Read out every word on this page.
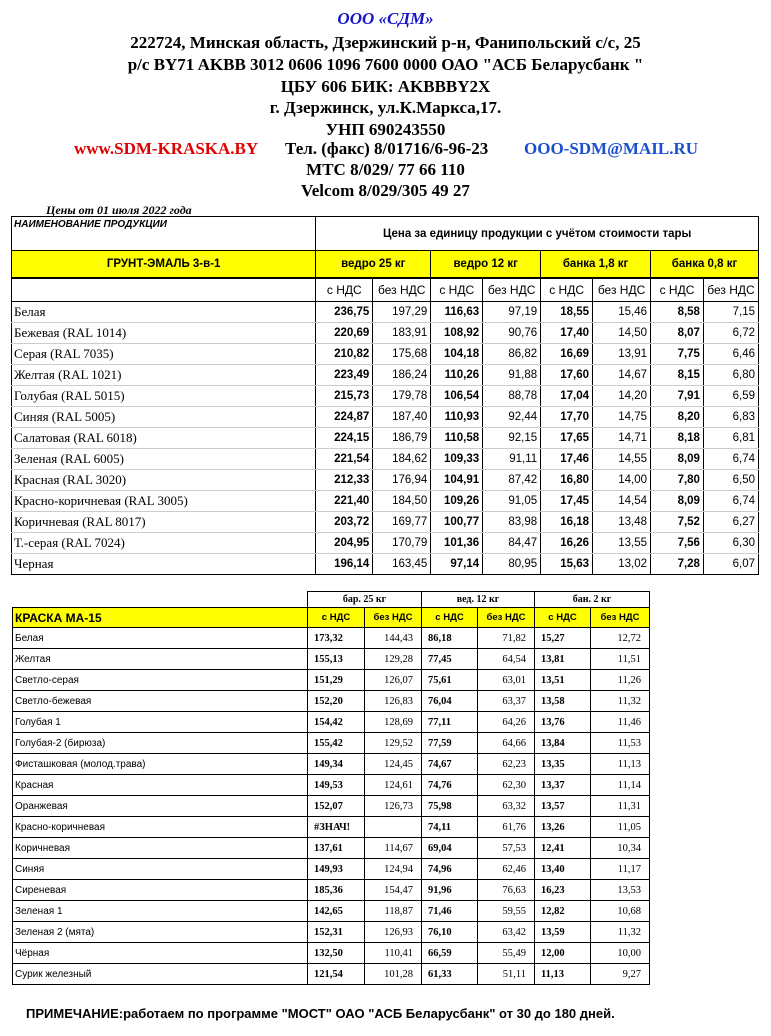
ООО «СДМ»
222724, Минская область, Дзержинский р-н, Фанипольский с/с, 25
р/с BY71 AKBB 3012 0606 1096 7600 0000 ОАО "АСБ Беларусбанк "
ЦБУ 606 БИК: AKBBBY2X
г. Дзержинск, ул.К.Маркса,17.
УНП 690243550
www.SDM-KRASKA.BY Тел. (факс) 8/01716/6-96-23 OOO-SDM@MAIL.RU
МТС 8/029/ 77 66 110
Velcom 8/029/305 49 27
Цены от 01 июля 2022 года
НАИМЕНОВАНИЕ ПРОДУКЦИИ	Цена за единицу продукции с учётом стоимости тары							
ГРУНТ-ЭМАЛЬ 3-в-1	ведро 25 кг		ведро 12 кг		банка 1,8 кг		банка 0,8 кг	
	с НДС	без НДС	с НДС	без НДС	с НДС	без НДС	с НДС	без НДС
Белая	236,75	197,29	116,63	97,19	18,55	15,46	8,58	7,15
Бежевая (RAL 1014)	220,69	183,91	108,92	90,76	17,40	14,50	8,07	6,72
Серая (RAL 7035)	210,82	175,68	104,18	86,82	16,69	13,91	7,75	6,46
Желтая (RAL 1021)	223,49	186,24	110,26	91,88	17,60	14,67	8,15	6,80
Голубая (RAL 5015)	215,73	179,78	106,54	88,78	17,04	14,20	7,91	6,59
Синяя (RAL 5005)	224,87	187,40	110,93	92,44	17,70	14,75	8,20	6,83
Салатовая (RAL 6018)	224,15	186,79	110,58	92,15	17,65	14,71	8,18	6,81
Зеленая (RAL 6005)	221,54	184,62	109,33	91,11	17,46	14,55	8,09	6,74
Красная (RAL 3020)	212,33	176,94	104,91	87,42	16,80	14,00	7,80	6,50
Красно-коричневая (RAL 3005)	221,40	184,50	109,26	91,05	17,45	14,54	8,09	6,74
Коричневая (RAL 8017)	203,72	169,77	100,77	83,98	16,18	13,48	7,52	6,27
Т.-серая (RAL 7024)	204,95	170,79	101,36	84,47	16,26	13,55	7,56	6,30
Черная	196,14	163,45	97,14	80,95	15,63	13,02	7,28	6,07
	бар. 25 кг		вед. 12 кг		бан. 2 кг	
КРАСКА МА-15	с НДС	без НДС	с НДС	без НДС	с НДС	без НДС
Белая	173,32	144,43	86,18	71,82	15,27	12,72
Желтая	155,13	129,28	77,45	64,54	13,81	11,51
Светло-серая	151,29	126,07	75,61	63,01	13,51	11,26
Светло-бежевая	152,20	126,83	76,04	63,37	13,58	11,32
Голубая 1	154,42	128,69	77,11	64,26	13,76	11,46
Голубая-2 (бирюза)	155,42	129,52	77,59	64,66	13,84	11,53
Фисташковая (молод.трава)	149,34	124,45	74,67	62,23	13,35	11,13
Красная	149,53	124,61	74,76	62,30	13,37	11,14
Оранжевая	152,07	126,73	75,98	63,32	13,57	11,31
Красно-коричневая	#ЗНАЧ!		74,11	61,76	13,26	11,05
Коричневая	137,61	114,67	69,04	57,53	12,41	10,34
Синяя	149,93	124,94	74,96	62,46	13,40	11,17
Сиреневая	185,36	154,47	91,96	76,63	16,23	13,53
Зеленая 1	142,65	118,87	71,46	59,55	12,82	10,68
Зеленая 2 (мята)	152,31	126,93	76,10	63,42	13,59	11,32
Чёрная	132,50	110,41	66,59	55,49	12,00	10,00
Сурик железный	121,54	101,28	61,33	51,11	11,13	9,27
ПРИМЕЧАНИЕ:работаем по программе "МОСТ" ОАО "АСБ Беларусбанк" от 30 до 180 дней.
